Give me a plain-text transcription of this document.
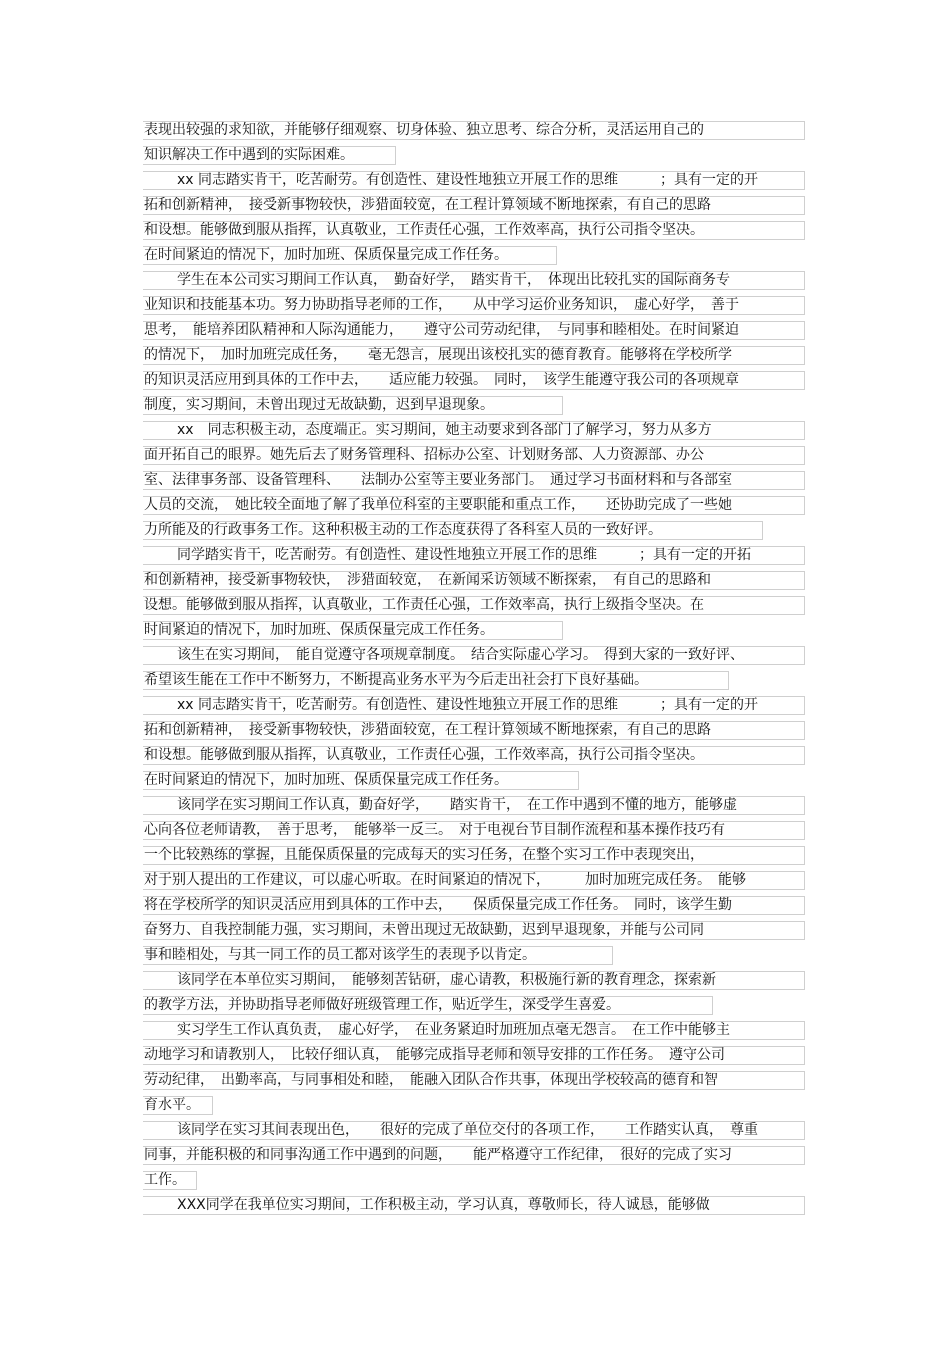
表现出较强的求知欲，并能够仔细观察、切身体验、独立思考、综合分析，灵活运用自己的
知识解决工作中遇到的实际困难。
xx 同志踏实肯干，吃苦耐劳。有创造性、建设性地独立开展工作的思维　　　；具有一定的开
拓和创新精神，　接受新事物较快，涉猎面较宽，在工程计算领域不断地探索，有自己的思路
和设想。能够做到服从指挥，认真敬业，工作责任心强，工作效率高，执行公司指令坚决。
在时间紧迫的情况下，加时加班、保质保量完成工作任务。
学生在本公司实习期间工作认真，　勤奋好学，　踏实肯干，　体现出比较扎实的国际商务专
业知识和技能基本功。努力协助指导老师的工作，　　从中学习运价业务知识，　虚心好学，　善于
思考，　能培养团队精神和人际沟通能力，　　遵守公司劳动纪律，　与同事和睦相处。在时间紧迫
的情况下，　加时加班完成任务，　　毫无怨言，展现出该校扎实的德育教育。能够将在学校所学
的知识灵活应用到具体的工作中去，　　适应能力较强。　同时，　该学生能遵守我公司的各项规章
制度，实习期间，未曾出现过无故缺勤，迟到早退现象。
xx　同志积极主动，态度端正。实习期间，她主动要求到各部门了解学习，努力从多方
面开拓自己的眼界。她先后去了财务管理科、招标办公室、计划财务部、人力资源部、办公
室、法律事务部、设备管理科、　　法制办公室等主要业务部门。　通过学习书面材料和与各部室
人员的交流，　她比较全面地了解了我单位科室的主要职能和重点工作，　　还协助完成了一些她
力所能及的行政事务工作。这种积极主动的工作态度获得了各科室人员的一致好评。
同学踏实肯干，吃苦耐劳。有创造性、建设性地独立开展工作的思维　　　；具有一定的开拓
和创新精神，接受新事物较快，　涉猎面较宽，　在新闻采访领域不断探索，　有自己的思路和
设想。能够做到服从指挥，认真敬业，工作责任心强，工作效率高，执行上级指令坚决。在
时间紧迫的情况下，加时加班、保质保量完成工作任务。
该生在实习期间，　能自觉遵守各项规章制度。　结合实际虚心学习。　得到大家的一致好评、
希望该生能在工作中不断努力，不断提高业务水平为今后走出社会打下良好基础。
xx 同志踏实肯干，吃苦耐劳。有创造性、建设性地独立开展工作的思维　　　；具有一定的开
拓和创新精神，　接受新事物较快，涉猎面较宽，在工程计算领域不断地探索，有自己的思路
和设想。能够做到服从指挥，认真敬业，工作责任心强，工作效率高，执行公司指令坚决。
在时间紧迫的情况下，加时加班、保质保量完成工作任务。
该同学在实习期间工作认真，勤奋好学，　　踏实肯干，　在工作中遇到不懂的地方，能够虚
心向各位老师请教，　善于思考，　能够举一反三。　对于电视台节目制作流程和基本操作技巧有
一个比较熟练的掌握，且能保质保量的完成每天的实习任务，在整个实习工作中表现突出，
对于别人提出的工作建议，可以虚心听取。在时间紧迫的情况下，　　　加时加班完成任务。　能够
将在学校所学的知识灵活应用到具体的工作中去，　　保质保量完成工作任务。　同时，该学生勤
奋努力、自我控制能力强，实习期间，未曾出现过无故缺勤，迟到早退现象，并能与公司同
事和睦相处，与其一同工作的员工都对该学生的表现予以肯定。
该同学在本单位实习期间，　能够刻苦钻研，虚心请教，积极施行新的教育理念，探索新
的教学方法，并协助指导老师做好班级管理工作，贴近学生，深受学生喜爱。
实习学生工作认真负责，　虚心好学，　在业务紧迫时加班加点毫无怨言。　在工作中能够主
动地学习和请教别人，　比较仔细认真，　能够完成指导老师和领导安排的工作任务。　遵守公司
劳动纪律，　出勤率高，与同事相处和睦，　能融入团队合作共事，体现出学校较高的德育和智
育水平。
该同学在实习其间表现出色，　　很好的完成了单位交付的各项工作，　　工作踏实认真，　尊重
同事，并能积极的和同事沟通工作中遇到的问题，　　能严格遵守工作纪律，　很好的完成了实习
工作。
XXX同学在我单位实习期间，工作积极主动，学习认真，尊敬师长，待人诚恳，能够做
